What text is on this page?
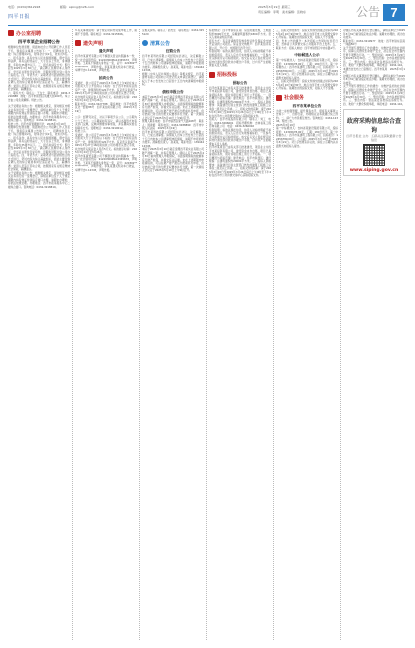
电话：(0434)3612918	邮箱：siping@126.com	2025年3月19日 星期三
责任编辑：李明　美术编辑：张晓东
四平日报	公告 7
办公室招聘
四平市某企业招聘公告
根据单位发展需要，现面向社会公开招聘工作人员若干名，现将有关事项公告如下：一、招聘岗位及人数：综合管理岗2名，财务会计岗1名，技术员3名。二、报名条件：具有中华人民共和国国籍，遵守宪法和法律，具有良好的品行，大专及以上学历，身体健康，年龄在35周岁以下。三、报名时间及方式：即日起至2025年3月30日止，请应聘人员携带本人身份证、学历证书原件及复印件、近期免冠照片到公司办公室报名。四、考试方式：采取笔试与面试相结合的方式进行，笔试内容为综合基础知识，面试主要考察应聘人员的综合素质和岗位适应能力。五、薪酬待遇：录用人员签订劳动合同，按照国家有关规定缴纳社会保险，薪酬面议。
六、联系方式：联系人：王女士　联系电话：0434-3216888　地址：四平市铁西区英雄大街100号。本公告由公司负责解释。特此公告。
关于受理业务的公告：根据相关规定，现对辖区内相关业务进行统一受理登记，请相关单位及个人于规定期限内持有效证件到指定窗口办理。逾期未办理的，将依法依规处理。办理地点：四平市政务服务中心二楼综合窗口。咨询电话：0434-3218810。
特此公告。四平市某管理委员会　2025年3月19日
根据单位发展需要，现面向社会公开招聘工作人员若干名，现将有关事项公告如下：一、招聘岗位及人数：综合管理岗2名，财务会计岗1名，技术员3名。二、报名条件：具有中华人民共和国国籍，遵守宪法和法律，具有良好的品行，大专及以上学历，身体健康，年龄在35周岁以下。三、报名时间及方式：即日起至2025年3月30日止，请应聘人员携带本人身份证、学历证书原件及复印件、近期免冠照片到公司办公室报名。四、考试方式：采取笔试与面试相结合的方式进行，笔试内容为综合基础知识，面试主要考察应聘人员的综合素质和岗位适应能力。五、薪酬待遇：录用人员签订劳动合同，按照国家有关规定缴纳社会保险，薪酬面议。
关于受理业务的公告：根据相关规定，现对辖区内相关业务进行统一受理登记，请相关单位及个人于规定期限内持有效证件到指定窗口办理。逾期未办理的，将依法依规处理。办理地点：四平市政务服务中心二楼综合窗口。咨询电话：0434-3218810。
3.有关事项说明：请于规定时间内完成申报工作，逾期不予受理。联系电话：0434-3215566。
遗失声明
遗失声明
四平市某商贸有限公司不慎遗失营业执照副本一份，统一社会信用代码：91220300MA1234567X，声明作废。王某某不慎遗失身份证一张，证号：220302************，声明作废。李某某遗失机动车行驶证，车牌号吉C·12345，声明作废。
拍卖公告
受委托，我公司定于2025年3月28日上午9时在本公司拍卖大厅公开拍卖以下标的：位于四平市铁东区的房产一处，建筑面积约120平方米。有意竞买者请于2025年3月27日16时前到我公司办理竞买登记手续，并交纳竞买保证金人民币5万元。标的展示时间：2025年3月24日至3月26日。
联系电话：0434-3227788　联系地址：四平市铁西区北一经街88号　四平某拍卖有限公司　2025年3月19日
公示：经研究决定，对以下事项予以公示，公示期为七个工作日。公示期间如有异议，请以书面形式向有关部门反映，反映问题要实事求是，并签署真实姓名和联系方式。受理电话：0434-3210012。
特此公示。
受委托，我公司定于2025年3月28日上午9时在本公司拍卖大厅公开拍卖以下标的：位于四平市铁东区的房产一处，建筑面积约120平方米。有意竞买者请于2025年3月27日16时前到我公司办理竞买登记手续，并交纳竞买保证金人民币5万元。标的展示时间：2025年3月24日至3月26日。
四平市某商贸有限公司不慎遗失营业执照副本一份，统一社会信用代码：91220300MA1234567X，声明作废。王某某不慎遗失身份证一张，证号：220302************，声明作废。李某某遗失机动车行驶证，车牌号吉C·12345，声明作废。
及相关资料。联系人：赵先生　联系电话：0434-3255120
清算公告
注销公告
四平市某科技有限公司经股东会决议，决定解散公司，已成立清算组。请债权人自本公告发布之日起四十五日内向本公司清算组申报债权，逾期不申报的视为放弃。清算组负责人：孙某某，联系电话：13944412345。
根据《中华人民共和国公司法》等相关规定，四平某建材有限公司拟向公司登记机关申请注销登记，请债权人于本公告发布之日起四十五日内向清算组申报债权。
债权申报公告
本院于2025年3月10日裁定受理四平某实业有限公司破产清算一案，并指定管理人。债权人应于2025年4月30日前向管理人申报债权，书面说明债权的数额和有无财产担保，并提交有关证据。未在上述期限内申报债权的，可以在破产财产最后分配前补充申报，但对此前已进行的分配无权要求补充分配。第一次债权人会议定于2025年5月10日上午9时召开。
管理人联系地址：四平市铁西区紫气大路168号　联系人：周律师　联系电话：0434-3288899　四平市中级人民法院　2025年3月19日
四平市某科技有限公司经股东会决议，决定解散公司，已成立清算组。请债权人自本公告发布之日起四十五日内向本公司清算组申报债权，逾期不申报的视为放弃。清算组负责人：孙某某，联系电话：13944412345。
本院于2025年3月10日裁定受理四平某实业有限公司破产清算一案，并指定管理人。债权人应于2025年4月30日前向管理人申报债权，书面说明债权的数额和有无财产担保，并提交有关证据。未在上述期限内申报债权的，可以在破产财产最后分配前补充申报，但对此前已进行的分配无权要求补充分配。第一次债权人会议定于2025年5月10日上午9时召开。
标的情况：四平市铁东区某厂房及附属设施，土地面积约3000平方米，房屋建筑面积约1800平方米。竞买人须具备相应资质。
报名方式：有意者请携带有效身份证件及保证金交纳凭证到我公司报名。保证金交纳账户：四平某拍卖有限公司，开户行：中国银行四平分行。
特别说明：标的以现状拍卖，拍卖人对标的瑕疵不承担担保责任，竞买人应自行实地察看标的，一旦参与竞买即视为认可标的现状。成交后买受人需在规定时间内付清全部价款并办理过户手续，过户所产生的税费由买受人承担。
招标投标
招标公告
四平市某项目已由有关部门批准建设，项目业主为四平市某投资有限公司，建设资金来自自筹，项目已具备招标条件，现对该项目施工进行公开招标。一、项目概况与招标范围：建设地点：四平市铁西区；建设规模：总建筑面积约20000平方米。二、投标人资格要求：具备建设行政主管部门核发的建筑工程施工总承包二级及以上资质。三、招标文件的获取：请于2025年3月20日至2025年3月26日每日上午9时至下午4时在四平市公共资源交易中心获取招标文件。
招标人：四平市某投资有限公司　联系人：刘工　电话：0434-3266001　招标代理机构：吉林省某工程咨询有限公司　电话：0434-3266002
特别说明：标的以现状拍卖，拍卖人对标的瑕疵不承担担保责任，竞买人应自行实地察看标的，一旦参与竞买即视为认可标的现状。成交后买受人需在规定时间内付清全部价款并办理过户手续，过户所产生的税费由买受人承担。
四平市某项目已由有关部门批准建设，项目业主为四平市某投资有限公司，建设资金来自自筹，项目已具备招标条件，现对该项目施工进行公开招标。一、项目概况与招标范围：建设地点：四平市铁西区；建设规模：总建筑面积约20000平方米。二、投标人资格要求：具备建设行政主管部门核发的建筑工程施工总承包二级及以上资质。三、招标文件的获取：请于2025年3月20日至2025年3月26日每日上午9时至下午4时在四平市公共资源交易中心获取招标文件。
三、投标文件的递交：投标文件递交的截止时间为2025年4月10日9时30分，地点为四平市公共资源交易中心开标室。逾期送达的投标文件，招标人不予受理。
四、发布公告的媒介：本次招标公告同时在四平日报、吉林省公共资源交易公共服务平台上发布。五、联系方式：招标人地址：四平市铁西区中央东路1号。
中标候选人公示
第一中标候选人：吉林省某建设集团有限公司，投标报价：12345678.00元，工期：180日历天。第二中标候选人：四平市某建筑工程有限公司，投标报价：12456789.00元。公示期：2025年3月19日至2025年3月21日。对公示结果有异议的，请在公示期内以书面形式向招标人提出。
三、投标文件的递交：投标文件递交的截止时间为2025年4月10日9时30分，地点为四平市公共资源交易中心开标室。逾期送达的投标文件，招标人不予受理。
社会服务
四平市某单位公告
为进一步加强管理，提升服务水平，现将有关事项公告如下：一、自即日起，办理相关业务须通过线上预约。二、请广大市民相互转告。咨询电话：0434-12345。特此公告。
2025年3月19日
第一中标候选人：吉林省某建设集团有限公司，投标报价：12345678.00元，工期：180日历天。第二中标候选人：四平市某建筑工程有限公司，投标报价：12456789.00元。公示期：2025年3月19日至2025年3月21日。对公示结果有异议的，请在公示期内以书面形式向招标人提出。
对辖区内有关事项进行登记确认，请相关单位于2025年3月31日前到指定地点办理。逾期未办理的，视为自动放弃。
联系电话：0434-3219977　地址：四平市铁东区南一纬路56号
关于开展专项整治工作的通告：为维护良好的社会秩序，保障人民群众生命财产安全，决定在全市范围内开展专项整治行动。一、整治时间：2025年3月20日至2025年6月30日。二、整治范围：全市各类经营场所。三、整治内容：依法查处各类违法违规行为。四、欢迎广大群众积极举报，举报电话：0434-110。
本通告自发布之日起施行。四平市某局　2025年3月19日
对辖区内有关事项进行登记确认，请相关单位于2025年3月31日前到指定地点办理。逾期未办理的，视为自动放弃。
关于开展专项整治工作的通告：为维护良好的社会秩序，保障人民群众生命财产安全，决定在全市范围内开展专项整治行动。一、整治时间：2025年3月20日至2025年6月30日。二、整治范围：全市各类经营场所。三、整治内容：依法查处各类违法违规行为。四、欢迎广大群众积极举报，举报电话：0434-110。
政府采购信息综合查询
四平日报社 主办　扫码关注获取最新公告信息
www.siping.gov.cn
